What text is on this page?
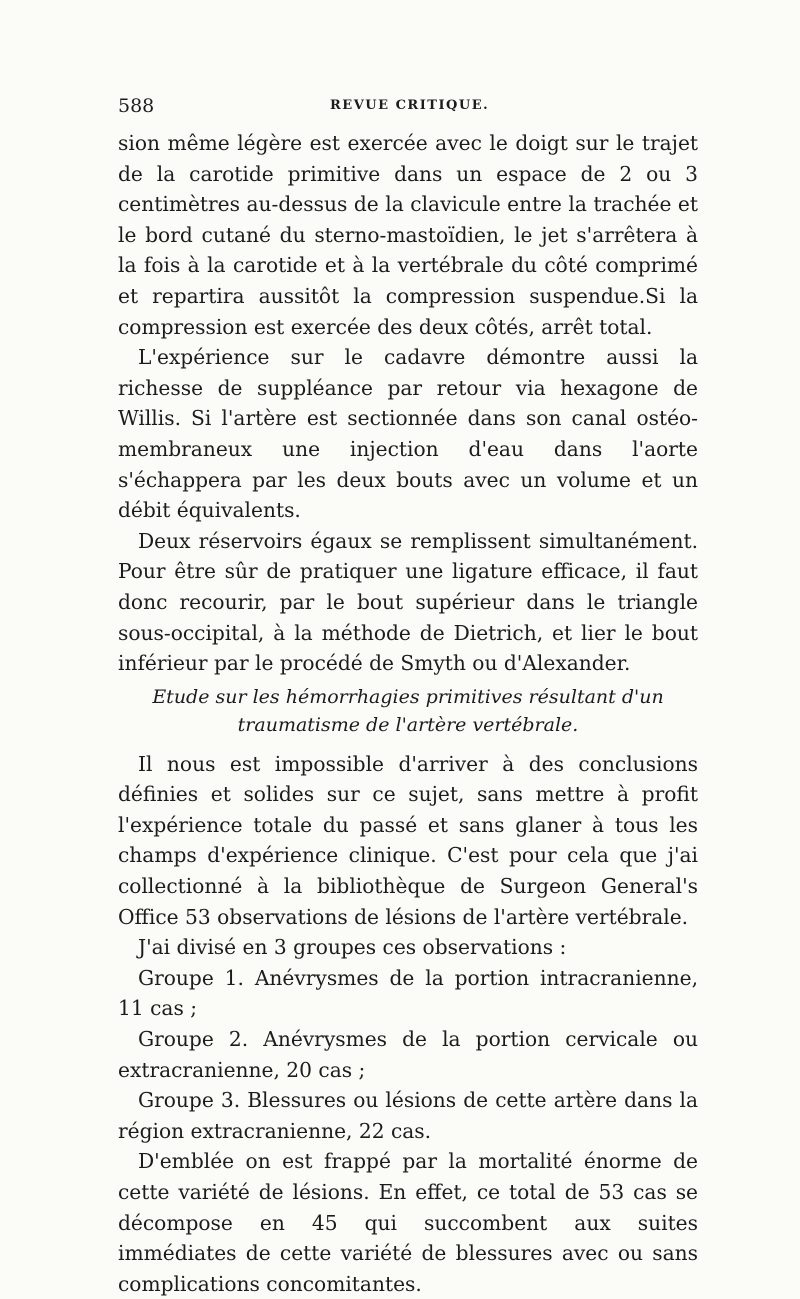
588	REVUE CRITIQUE.

sion même légère est exercée avec le doigt sur le trajet de la carotide primitive dans un espace de 2 ou 3 centimètres au-dessus de la clavicule entre la trachée et le bord cutané du sterno-mastoïdien, le jet s'arrêtera à la fois à la carotide et à la vertébrale du côté comprimé et repartira aussitôt la compression suspendue.Si la compression est exercée des deux côtés, arrêt total.

L'expérience sur le cadavre démontre aussi la richesse de suppléance par retour via hexagone de Willis. Si l'artère est sectionnée dans son canal ostéo-membraneux une injection d'eau dans l'aorte s'échappera par les deux bouts avec un volume et un débit équivalents.

Deux réservoirs égaux se remplissent simultanément. Pour être sûr de pratiquer une ligature efficace, il faut donc recourir, par le bout supérieur dans le triangle sous-occipital, à la méthode de Dietrich, et lier le bout inférieur par le procédé de Smyth ou d'Alexander.

Etude sur les hémorrhagies primitives résultant d'un traumatisme de l'artère vertébrale.

Il nous est impossible d'arriver à des conclusions définies et solides sur ce sujet, sans mettre à profit l'expérience totale du passé et sans glaner à tous les champs d'expérience clinique. C'est pour cela que j'ai collectionné à la bibliothèque de Surgeon General's Office 53 observations de lésions de l'artère vertébrale.

J'ai divisé en 3 groupes ces observations :

Groupe 1. Anévrysmes de la portion intracranienne, 11 cas ;

Groupe 2. Anévrysmes de la portion cervicale ou extracranienne, 20 cas ;

Groupe 3. Blessures ou lésions de cette artère dans la région extracranienne, 22 cas.

D'emblée on est frappé par la mortalité énorme de cette variété de lésions. En effet, ce total de 53 cas se décompose en 45 qui succombent aux suites immédiates de cette variété de blessures avec ou sans complications concomitantes.
